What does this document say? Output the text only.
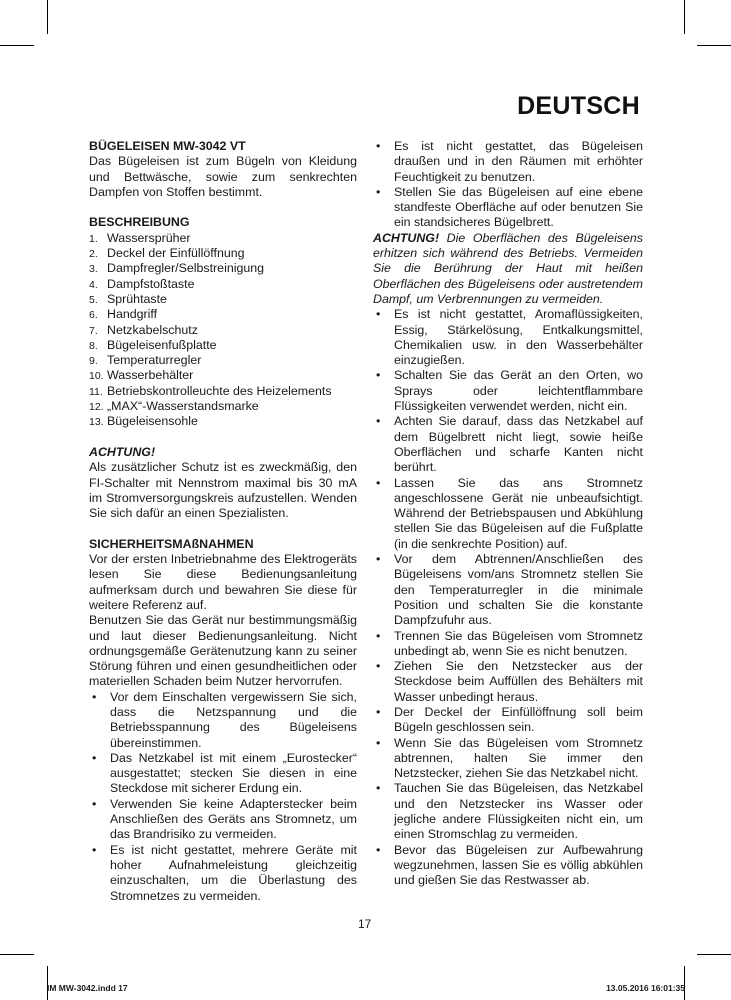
DEUTSCH

BÜGELEISEN MW-3042 VT

Das Bügeleisen ist zum Bügeln von Kleidung und Bettwäsche, sowie zum senkrechten Dampfen von Stoffen bestimmt.

BESCHREIBUNG

1. Wassersprüher
2. Deckel der Einfüllöffnung
3. Dampfregler/Selbstreinigung
4. Dampfstoßtaste
5. Sprühtaste
6. Handgriff
7. Netzkabelschutz
8. Bügeleisenfußplatte
9. Temperaturregler
10. Wasserbehälter
11. Betriebskontrolleuchte des Heizelements
12. „MAX“-Wasserstandsmarke
13. Bügeleisensohle

ACHTUNG!

Als zusätzlicher Schutz ist es zweckmäßig, den FI-Schalter mit Nennstrom maximal bis 30 mA im Stromversorgungskreis aufzustellen. Wenden Sie sich dafür an einen Spezialisten.

SICHERHEITSMAßNAHMEN

Vor der ersten Inbetriebnahme des Elektrogeräts lesen Sie diese Bedienungsanleitung aufmerksam durch und bewahren Sie diese für weitere Referenz auf.

Benutzen Sie das Gerät nur bestimmungsmäßig und laut dieser Bedienungsanleitung. Nicht ordnungsgemäße Gerätenutzung kann zu seiner Störung führen und einen gesundheitlichen oder materiellen Schaden beim Nutzer hervorrufen.

• Vor dem Einschalten vergewissern Sie sich, dass die Netzspannung und die Betriebsspannung des Bügeleisens übereinstimmen.
• Das Netzkabel ist mit einem „Eurostecker“ ausgestattet; stecken Sie diesen in eine Steckdose mit sicherer Erdung ein.
• Verwenden Sie keine Adapterstecker beim Anschließen des Geräts ans Stromnetz, um das Brandrisiko zu vermeiden.
• Es ist nicht gestattet, mehrere Geräte mit hoher Aufnahmeleistung gleichzeitig einzuschalten, um die Überlastung des Stromnetzes zu vermeiden.
• Es ist nicht gestattet, das Bügeleisen draußen und in den Räumen mit erhöhter Feuchtigkeit zu benutzen.
• Stellen Sie das Bügeleisen auf eine ebene standfeste Oberfläche auf oder benutzen Sie ein standsicheres Bügelbrett.

ACHTUNG! Die Oberflächen des Bügeleisens erhitzen sich während des Betriebs. Vermeiden Sie die Berührung der Haut mit heißen Oberflächen des Bügeleisens oder austretendem Dampf, um Verbrennungen zu vermeiden.

• Es ist nicht gestattet, Aromaflüssigkeiten, Essig, Stärkelösung, Entkalkungsmittel, Chemikalien usw. in den Wasserbehälter einzugießen.
• Schalten Sie das Gerät an den Orten, wo Sprays oder leichtentflammbare Flüssigkeiten verwendet werden, nicht ein.
• Achten Sie darauf, dass das Netzkabel auf dem Bügelbrett nicht liegt, sowie heiße Oberflächen und scharfe Kanten nicht berührt.
• Lassen Sie das ans Stromnetz angeschlossene Gerät nie unbeaufsichtigt. Während der Betriebspausen und Abkühlung stellen Sie das Bügeleisen auf die Fußplatte (in die senkrechte Position) auf.
• Vor dem Abtrennen/Anschließen des Bügeleisens vom/ans Stromnetz stellen Sie den Temperaturregler in die minimale Position und schalten Sie die konstante Dampfzufuhr aus.
• Trennen Sie das Bügeleisen vom Stromnetz unbedingt ab, wenn Sie es nicht benutzen.
• Ziehen Sie den Netzstecker aus der Steckdose beim Auffüllen des Behälters mit Wasser unbedingt heraus.
• Der Deckel der Einfüllöffnung soll beim Bügeln geschlossen sein.
• Wenn Sie das Bügeleisen vom Stromnetz abtrennen, halten Sie immer den Netzstecker, ziehen Sie das Netzkabel nicht.
• Tauchen Sie das Bügeleisen, das Netzkabel und den Netzstecker ins Wasser oder jegliche andere Flüssigkeiten nicht ein, um einen Stromschlag zu vermeiden.
• Bevor das Bügeleisen zur Aufbewahrung wegzunehmen, lassen Sie es völlig abkühlen und gießen Sie das Restwasser ab.
17
IM MW-3042.indd 17	13.05.2016 16:01:35
